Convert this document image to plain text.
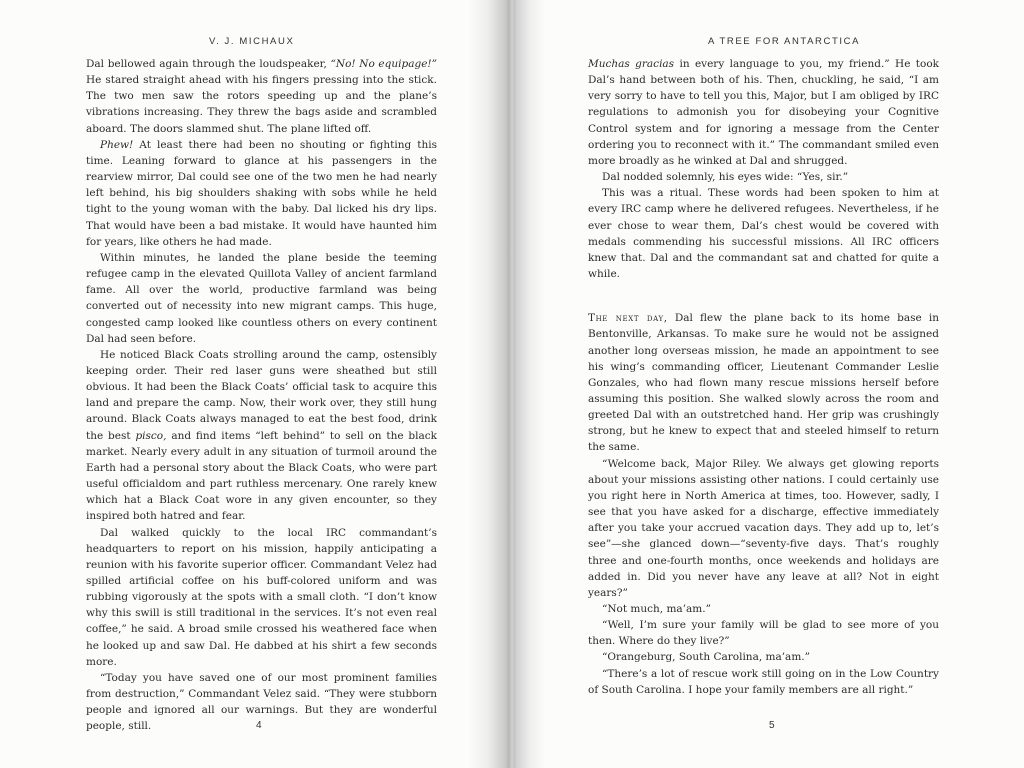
V. J. MICHAUX

Dal bellowed again through the loudspeaker, “No! No equipage!” He stared straight ahead with his fingers pressing into the stick. The two men saw the rotors speeding up and the plane’s vibrations increasing. They threw the bags aside and scrambled aboard. The doors slammed shut. The plane lifted off.

Phew! At least there had been no shouting or fighting this time. Leaning forward to glance at his passengers in the rearview mirror, Dal could see one of the two men he had nearly left behind, his big shoulders shaking with sobs while he held tight to the young woman with the baby. Dal licked his dry lips. That would have been a bad mistake. It would have haunted him for years, like others he had made.

Within minutes, he landed the plane beside the teeming refugee camp in the elevated Quillota Valley of ancient farmland fame. All over the world, productive farmland was being converted out of necessity into new migrant camps. This huge, congested camp looked like countless others on every continent Dal had seen before.

He noticed Black Coats strolling around the camp, ostensibly keeping order. Their red laser guns were sheathed but still obvious. It had been the Black Coats’ official task to acquire this land and prepare the camp. Now, their work over, they still hung around. Black Coats always managed to eat the best food, drink the best pisco, and find items “left behind” to sell on the black market. Nearly every adult in any situation of turmoil around the Earth had a personal story about the Black Coats, who were part useful officialdom and part ruthless mercenary. One rarely knew which hat a Black Coat wore in any given encounter, so they inspired both hatred and fear.

Dal walked quickly to the local IRC commandant’s headquarters to report on his mission, happily anticipating a reunion with his favorite superior officer. Commandant Velez had spilled artificial coffee on his buff-colored uniform and was rubbing vigorously at the spots with a small cloth. “I don’t know why this swill is still traditional in the services. It’s not even real coffee,” he said. A broad smile crossed his weathered face when he looked up and saw Dal. He dabbed at his shirt a few seconds more.

“Today you have saved one of our most prominent families from destruction,” Commandant Velez said. “They were stubborn people and ignored all our warnings. But they are wonderful people, still.	4
A TREE FOR ANTARCTICA

Muchas gracias in every language to you, my friend.” He took Dal’s hand between both of his. Then, chuckling, he said, “I am very sorry to have to tell you this, Major, but I am obliged by IRC regulations to admonish you for disobeying your Cognitive Control system and for ignoring a message from the Center ordering you to reconnect with it.” The commandant smiled even more broadly as he winked at Dal and shrugged.

Dal nodded solemnly, his eyes wide: “Yes, sir.”

This was a ritual. These words had been spoken to him at every IRC camp where he delivered refugees. Nevertheless, if he ever chose to wear them, Dal’s chest would be covered with medals commending his successful missions. All IRC officers knew that. Dal and the commandant sat and chatted for quite a while.

The next day, Dal flew the plane back to its home base in Bentonville, Arkansas. To make sure he would not be assigned another long overseas mission, he made an appointment to see his wing’s commanding officer, Lieutenant Commander Leslie Gonzales, who had flown many rescue missions herself before assuming this position. She walked slowly across the room and greeted Dal with an outstretched hand. Her grip was crushingly strong, but he knew to expect that and steeled himself to return the same.

“Welcome back, Major Riley. We always get glowing reports about your missions assisting other nations. I could certainly use you right here in North America at times, too. However, sadly, I see that you have asked for a discharge, effective immediately after you take your accrued vacation days. They add up to, let’s see”—she glanced down—“seventy-five days. That’s roughly three and one-fourth months, once weekends and holidays are added in. Did you never have any leave at all? Not in eight years?”

“Not much, ma’am.”

“Well, I’m sure your family will be glad to see more of you then. Where do they live?”

“Orangeburg, South Carolina, ma’am.”

“There’s a lot of rescue work still going on in the Low Country of South Carolina. I hope your family members are all right.”

5
